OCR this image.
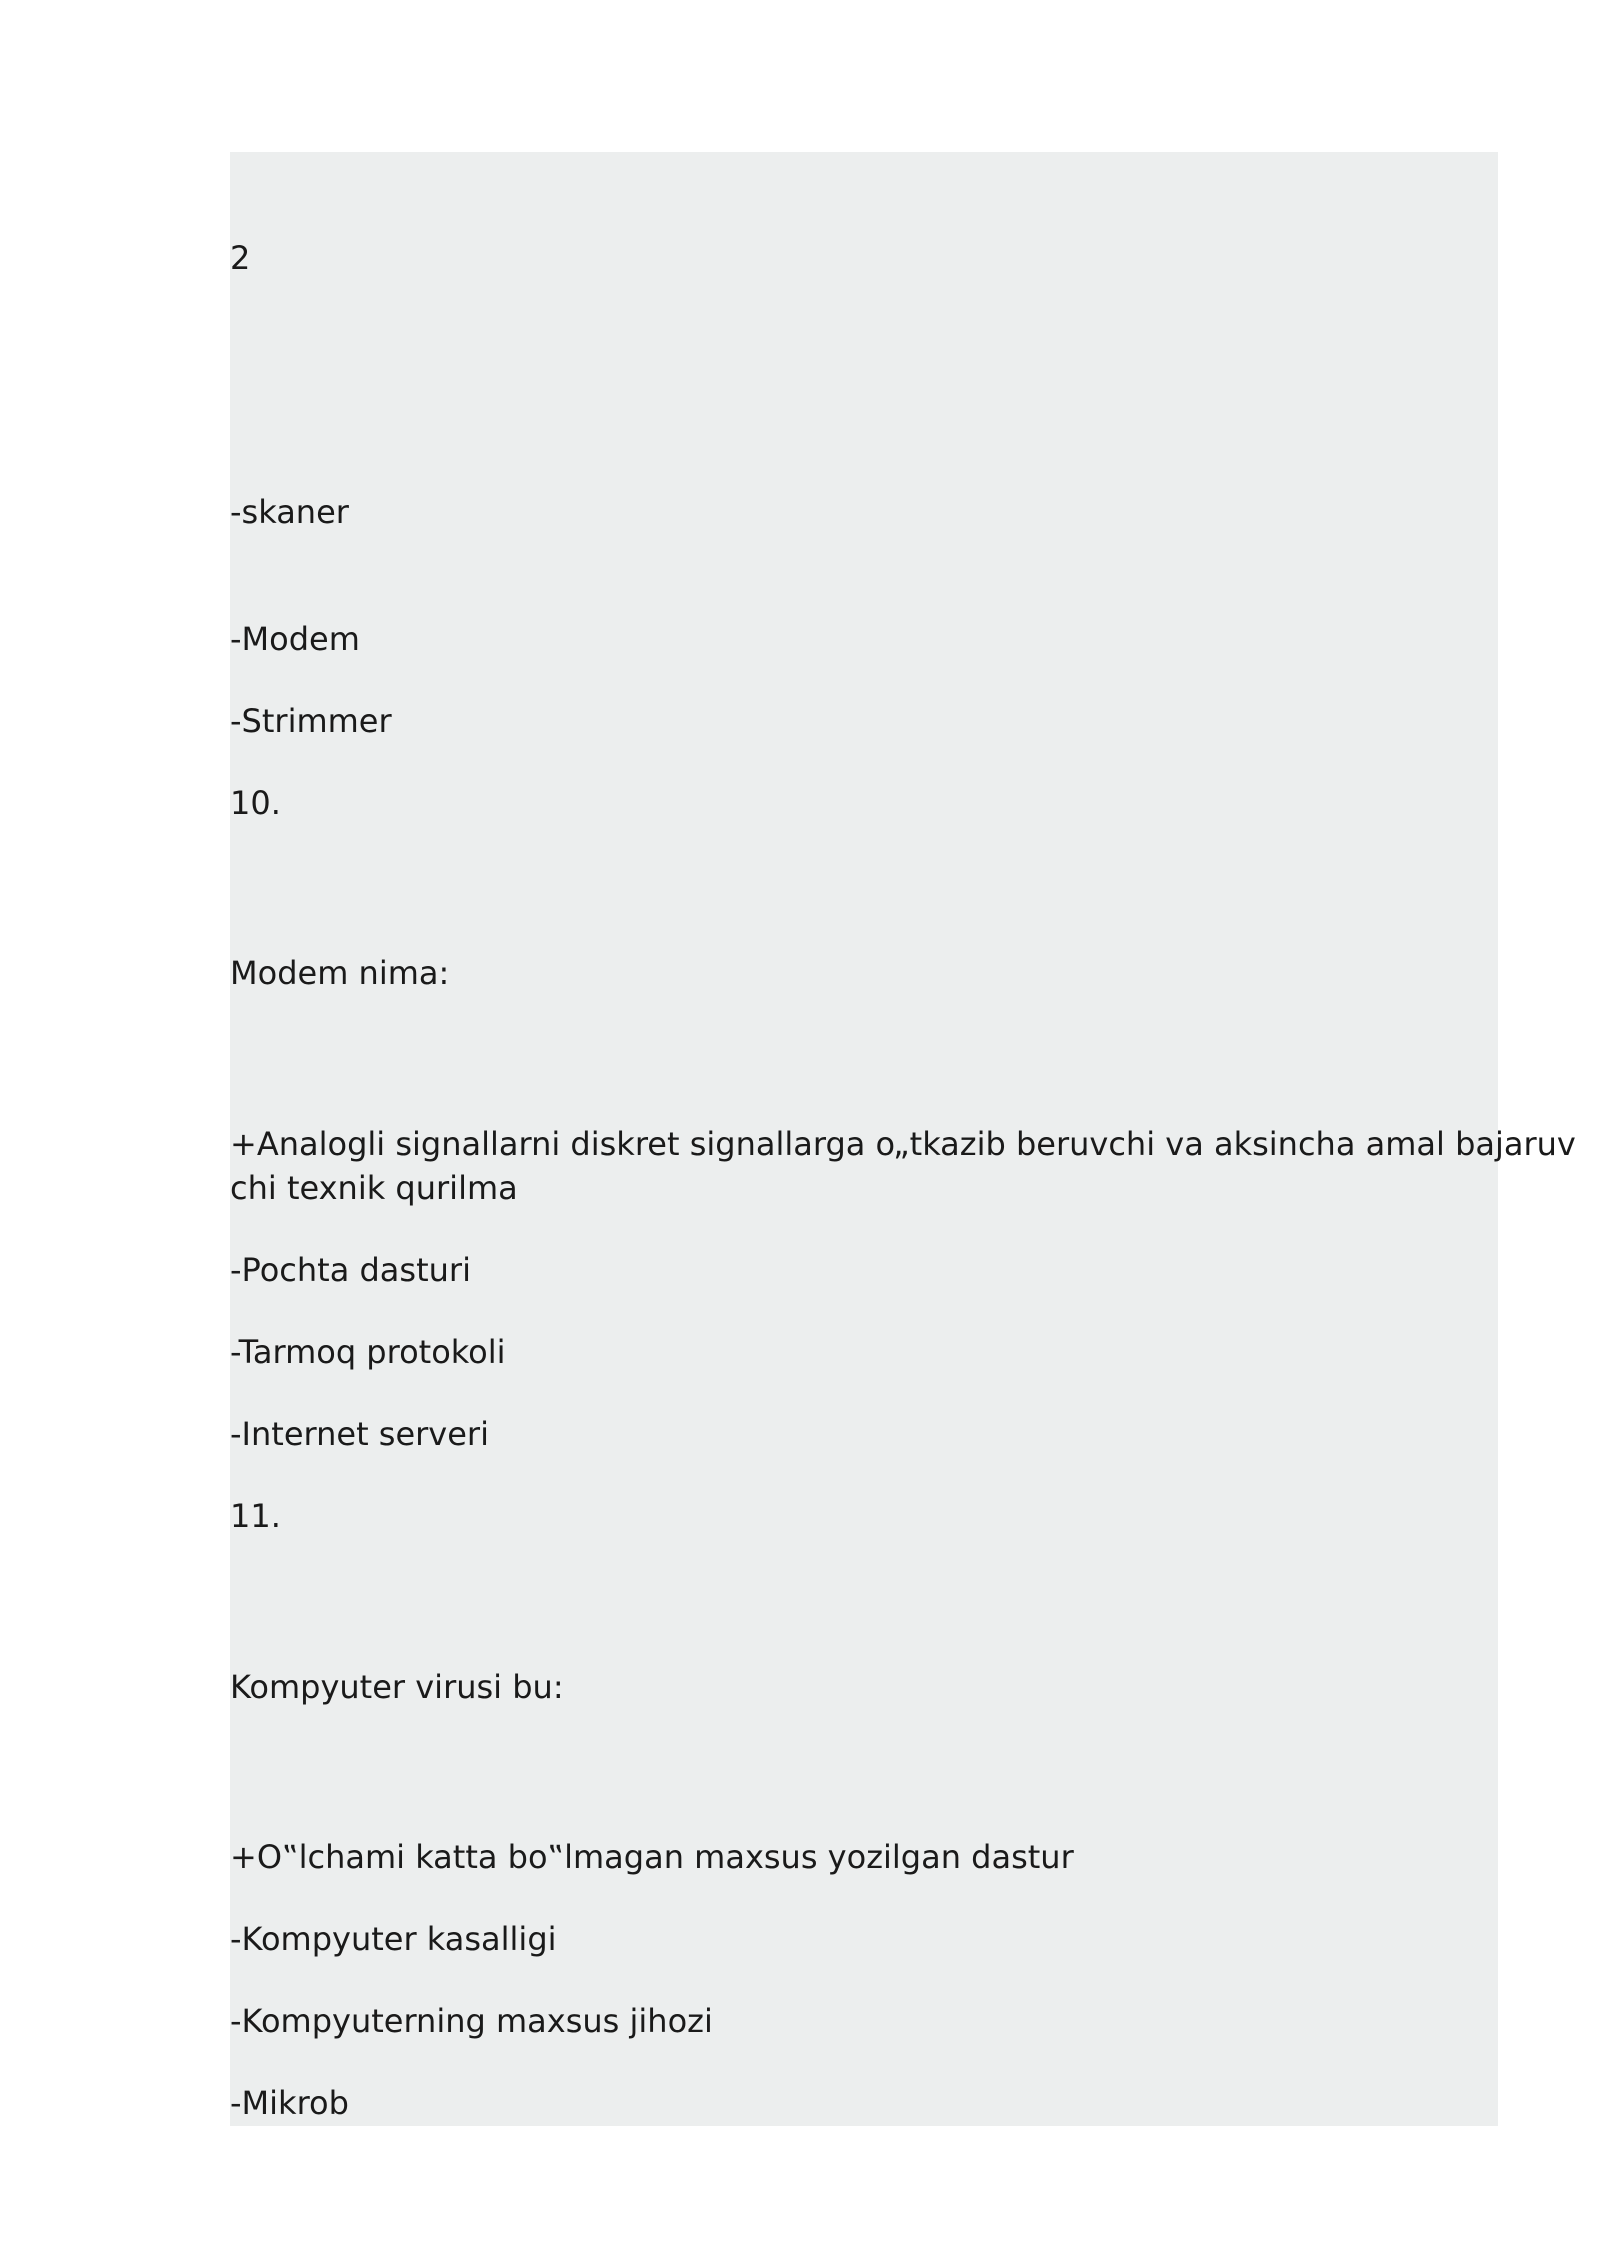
2
-skaner
-Modem
-Strimmer
10.
Modem nima:
+Analogli signallarni diskret signallarga o„tkazib beruvchi va aksincha amal bajaruv
chi texnik qurilma
-Pochta dasturi
-Tarmoq protokoli
-Internet serveri
11.
Kompyuter virusi bu:
+O‟lchami katta bo‟lmagan maxsus yozilgan dastur
-Kompyuter kasalligi
-Kompyuterning maxsus jihozi
-Mikrob
